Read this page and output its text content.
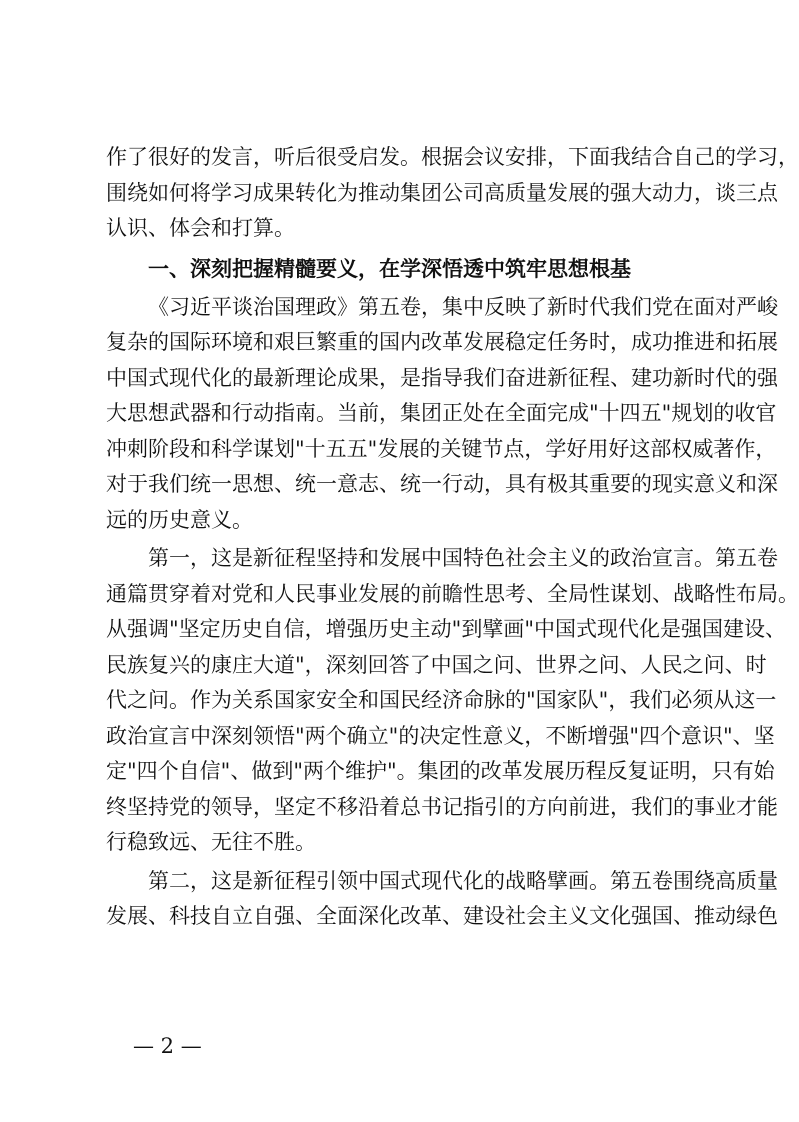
作了很好的发言，听后很受启发。根据会议安排，下面我结合自己的学习，
围绕如何将学习成果转化为推动集团公司高质量发展的强大动力，谈三点
认识、体会和打算。
一、深刻把握精髓要义，在学深悟透中筑牢思想根基
《习近平谈治国理政》第五卷，集中反映了新时代我们党在面对严峻
复杂的国际环境和艰巨繁重的国内改革发展稳定任务时，成功推进和拓展
中国式现代化的最新理论成果，是指导我们奋进新征程、建功新时代的强
大思想武器和行动指南。当前，集团正处在全面完成"十四五"规划的收官
冲刺阶段和科学谋划"十五五"发展的关键节点，学好用好这部权威著作，
对于我们统一思想、统一意志、统一行动，具有极其重要的现实意义和深
远的历史意义。
第一，这是新征程坚持和发展中国特色社会主义的政治宣言。第五卷
通篇贯穿着对党和人民事业发展的前瞻性思考、全局性谋划、战略性布局。
从强调"坚定历史自信，增强历史主动"到擘画"中国式现代化是强国建设、
民族复兴的康庄大道"，深刻回答了中国之问、世界之问、人民之问、时
代之问。作为关系国家安全和国民经济命脉的"国家队"，我们必须从这一
政治宣言中深刻领悟"两个确立"的决定性意义，不断增强"四个意识"、坚
定"四个自信"、做到"两个维护"。集团的改革发展历程反复证明，只有始
终坚持党的领导，坚定不移沿着总书记指引的方向前进，我们的事业才能
行稳致远、无往不胜。
第二，这是新征程引领中国式现代化的战略擘画。第五卷围绕高质量
发展、科技自立自强、全面深化改革、建设社会主义文化强国、推动绿色
— 2 —
